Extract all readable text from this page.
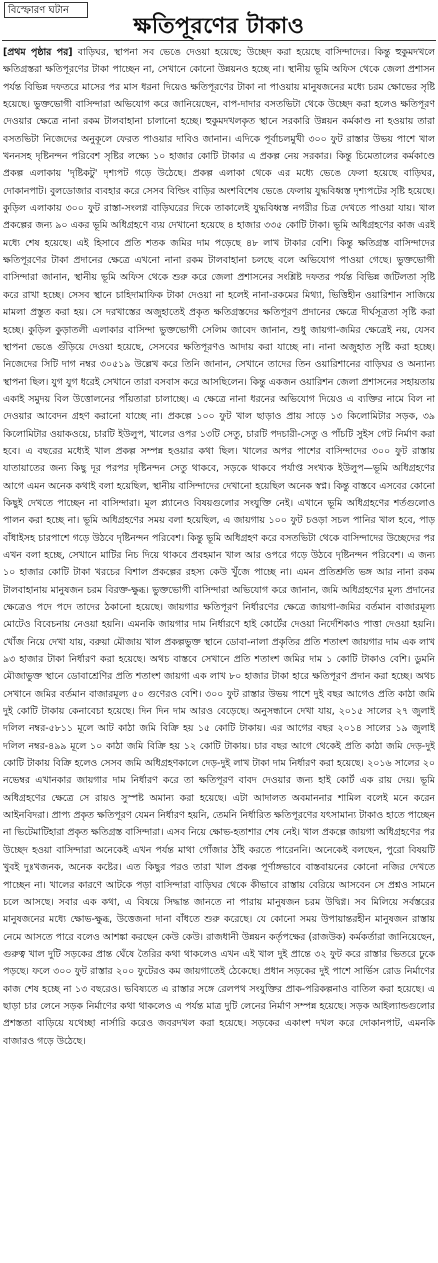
বিস্ফোরণ ঘটান
ক্ষতিপূরণের টাকাও

[প্রথম পৃষ্ঠার পর] বাড়িঘর, স্থাপনা সব ভেঙে দেওয়া হয়েছে; উচ্ছেদ করা হয়েছে বাসিন্দাদের। কিন্তু হুকুমদখলে ক্ষতিগ্রস্তরা ক্ষতিপূরণের টাকা পাচ্ছেন না, সেখানে কোনো উন্নয়নও হচ্ছে না। স্থানীয় ভূমি অফিস থেকে জেলা প্রশাসন পর্যন্ত বিভিন্ন দফতরে মাসের পর মাস ধরনা দিয়েও ক্ষতিপূরণের টাকা না পাওয়ায় মানুষজনের মধ্যে চরম ক্ষোভের সৃষ্টি হয়েছে। ভুক্তভোগী বাসিন্দারা অভিযোগ করে জানিয়েছেন, বাপ-দাদার বসতভিটা থেকে উচ্ছেদ করা হলেও ক্ষতিপূরণ দেওয়ার ক্ষেত্রে নানা রকম টালবাহানা চালানো হচ্ছে। হুকুমদখলকৃত স্থানে সরকারি উন্নয়ন কর্মকাণ্ড না হওয়ায় তারা বসতভিটা নিজেদের অনুকূলে ফেরত পাওয়ার দাবিও জানান। এদিকে পূর্বাচলমুখী ৩০০ ফুট রাস্তার উভয় পাশে খাল খননসহ দৃষ্টিনন্দন পরিবেশ সৃষ্টির লক্ষ্যে ১০ হাজার কোটি টাকার এ প্রকল্প নেয় সরকার। কিন্তু চিমেতালের কর্মকাণ্ডে প্রকল্প এলাকায় 'দৃষ্টিকটু' দৃশ্যপট গড়ে উঠেছে। প্রকল্প এলাকা থেকে এর মধ্যে ভেঙে ফেলা হয়েছে বাড়িঘর, দোকানপাট। বুলডোজার ব্যবহার করে সেসব বিল্ডিং বাড়ির অংশবিশেষ ভেঙে ফেলায় যুদ্ধবিধ্বস্ত দৃশ্যপটের সৃষ্টি হয়েছে। কুড়িল এলাকায় ৩০০ ফুট রাস্তা-সংলগ্ন বাড়িঘরের দিকে তাকালেই যুদ্ধবিধ্বস্ত নগরীর চিত্র দেখতে পাওয়া যায়। খাল প্রকল্পের জন্য ৯০ একর ভূমি অধিগ্রহণে ব্যয় দেখানো হয়েছে ৪ হাজার ৩৩৫ কোটি টাকা। ভূমি অধিগ্রহণের কাজ এরই মধ্যে শেষ হয়েছে। এই হিসাবে প্রতি শতক জমির দাম পড়েছে ৪৮ লাখ টাকার বেশি। কিন্তু ক্ষতিগ্রস্ত বাসিন্দাদের ক্ষতিপূরণের টাকা প্রদানের ক্ষেত্রে এখনো নানা রকম টালবাহানা চলছে বলে অভিযোগ পাওয়া গেছে। ভুক্তভোগী বাসিন্দারা জানান, স্থানীয় ভূমি অফিস থেকে শুরু করে জেলা প্রশাসনের সংশ্লিষ্ট দফতর পর্যন্ত বিভিন্ন জটিলতা সৃষ্টি করে রাখা হচ্ছে। সেসব স্থানে চাহিদামাফিক টাকা দেওয়া না হলেই নানা-রকমের মিথ্যা, ভিত্তিহীন ওয়ারিশান সাজিয়ে মামলা প্রস্তুত করা হয়। সে দরখাস্তের অজুহাতেই প্রকৃত ক্ষতিগ্রস্তদের ক্ষতিপূরণ প্রদানের ক্ষেত্রে দীর্ঘসূত্রতা সৃষ্টি করা হচ্ছে। কুড়িল কুড়াতলী এলাকার বাসিন্দা ভুক্তভোগী সেলিম জাবেদ জানান, শুধু জায়গা-জমির ক্ষেত্রেই নয়, যেসব স্থাপনা ভেঙে গুঁড়িয়ে দেওয়া হয়েছে, সেসবের ক্ষতিপূরণও আদায় করা যাচ্ছে না। নানা অজুহাত সৃষ্টি করা হচ্ছে। নিজেদের সিটি দাগ নম্বর ৩০৫১৯ উল্লেখ করে তিনি জানান, সেখানে তাদের তিন ওয়ারিশানের বাড়িঘর ও অন্যান্য স্থাপনা ছিল। যুগ যুগ ধরেই সেখানে তারা বসবাস করে আসছিলেন। কিন্তু একজন ওয়ারিশন জেলা প্রশাসনের সহায়তায় একাই সমুদয় বিল উত্তোলনের পাঁয়তারা চালাচ্ছে। এ ক্ষেত্রে নানা ধরনের অভিযোগ দিয়েও এ ব্যক্তির নামে বিল না দেওয়ার আবেদন গ্রহণ করানো যাচ্ছে না। প্রকল্পে ১০০ ফুট খাল ছাড়াও প্রায় সাড়ে ১৩ কিলোমিটার সড়ক, ৩৯ কিলোমিটার ওয়াকওয়ে, চারটি ইউলুপ, খালের ওপর ১৩টি সেতু, চারটি পদচারী-সেতু ও পাঁচটি সুইস গেট নির্মাণ করা হবে। এ বছরের মধ্যেই খাল প্রকল্প সম্পন্ন হওয়ার কথা ছিল। খালের অপর পাশের বাসিন্দাদের ৩০০ ফুট রাস্তায় যাতায়াতের জন্য কিছু দূর পরপর দৃষ্টিনন্দন সেতু থাকবে, সড়কে থাকবে পর্যাপ্ত সংখ্যক ইউলুপ—ভূমি অধিগ্রহণের আগে এমন অনেক কথাই বলা হয়েছিল, স্থানীয় বাসিন্দাদের দেখানো হয়েছিল অনেক স্বপ্ন। কিন্তু বাস্তবে এসবের কোনো কিছুই দেখতে পাচ্ছেন না বাসিন্দারা। মূল প্ল্যানেও বিষয়গুলোর সংযুক্তি নেই। এখানে ভূমি অধিগ্রহণের শর্তগুলোও পালন করা হচ্ছে না। ভূমি অধিগ্রহণের সময় বলা হয়েছিল, এ জায়গায় ১০০ ফুট চওড়া সচল পানির খাল হবে, পাড় বাঁধাইসহ চারপাশে গড়ে উঠবে দৃষ্টিনন্দন পরিবেশ। কিন্তু ভূমি অধিগ্রহণ করে বসতভিটা থেকে বাসিন্দাদের উচ্ছেদের পর এখন বলা হচ্ছে, সেখানে মাটির নিচ দিয়ে থাকবে প্রবহমান খাল আর ওপরে গড়ে উঠবে দৃষ্টিনন্দন পরিবেশ। এ জন্য ১০ হাজার কোটি টাকা খরচের বিশাল প্রকল্পের রহস্য কেউ খুঁজে পাচ্ছে না। এমন প্রতিশ্রুতি ভঙ্গ আর নানা রকম টালবাহানায় মানুষজন চরম বিরক্ত-ক্ষুব্ধ। ভুক্তভোগী বাসিন্দারা অভিযোগ করে জানান, জমি অধিগ্রহণের মূল্য প্রদানের ক্ষেত্রেও পদে পদে তাদের ঠকানো হয়েছে। জায়গার ক্ষতিপূরণ নির্ধারণের ক্ষেত্রে জায়গা-জমির বর্তমান বাজারমূল্য মোটেও বিবেচনায় নেওয়া হয়নি। এমনকি জায়গার দাম নির্ধারণে হাই কোর্টের দেওয়া নির্দেশিকাও পাত্তা দেওয়া হয়নি। খোঁজ নিয়ে দেখা যায়, বরুয়া মৌজায় খাল প্রকল্পভুক্ত স্থানে ডোবা-নালা প্রকৃতির প্রতি শতাংশ জায়গার দাম এক লাখ ৯৩ হাজার টাকা নির্ধারণ করা হয়েছে। অথচ বাস্তবে সেখানে প্রতি শতাংশ জমির দাম ১ কোটি টাকাও বেশি। ডুমনি মৌজাভুক্ত স্থানে ডোবাশ্রেণির প্রতি শতাংশ জায়গা এক লাখ ৮০ হাজার টাকা হারে ক্ষতিপূরণ প্রদান করা হচ্ছে। অথচ সেখানে জমির বর্তমান বাজারমূল্য ৫০ গুণেরও বেশি। ৩০০ ফুট রাস্তার উভয় পাশে দুই বছর আগেও প্রতি কাঠা জমি দুই কোটি টাকায় কেনাবেচা হয়েছে। দিন দিন দাম আরও বেড়েছে। অনুসন্ধানে দেখা যায়, ২০১৫ সালের ২৭ জুলাই দলিল নম্বর-৫৮১১ মূলে আট কাঠা জমি বিক্রি হয় ১৫ কোটি টাকায়। এর আগের বছর ২০১৪ সালের ১৯ জুলাই দলিল নম্বর-৪৯৯ মূলে ১০ কাঠা জমি বিক্রি হয় ১২ কোটি টাকায়। চার বছর আগে থেকেই প্রতি কাঠা জমি দেড়-দুই কোটি টাকায় বিক্রি হলেও সেসব জমি অধিগ্রহণকালে দেড়-দুই লাখ টাকা দাম নির্ধারণ করা হয়েছে। ২০১৬ সালের ২০ নভেম্বর এখানকার জায়গার দাম নির্ধারণ করে তা ক্ষতিপূরণ বাবদ দেওয়ার জন্য হাই কোর্ট এক রায় দেয়। ভূমি অধিগ্রহণের ক্ষেত্রে সে রায়ও সুস্পষ্ট অমান্য করা হয়েছে। এটা আদালত অবমাননার শামিল বলেই মনে করেন আইনবিদরা। প্রাপ্য প্রকৃত ক্ষতিপূরণ যেমন নির্ধারণ হয়নি, তেমনি নির্ধারিত ক্ষতিপূরণের যৎসামান্য টাকাও হাতে পাচ্ছেন না ভিটেমাটিহারা প্রকৃত ক্ষতিগ্রস্ত বাসিন্দারা। এসব নিয়ে ক্ষোভ-হতাশার শেষ নেই। খাল প্রকল্পে জায়গা অধিগ্রহণের পর উচ্ছেদ হওয়া বাসিন্দারা অনেকেই এখন পর্যন্ত মাথা গোঁজার ঠাঁই করতে পারেননি। অনেকেই বলছেন, পুরো বিষয়টি খুবই দুঃখজনক, অনেক কষ্টের। এত কিছুর পরও তারা খাল প্রকল্প পূর্ণাঙ্গভাবে বাস্তবায়নের কোনো নজির দেখতে পাচ্ছেন না। খালের কারণে আটকে পড়া বাসিন্দারা বাড়িঘর থেকে কীভাবে রাস্তায় বেরিয়ে আসবেন সে প্রশ্নও সামনে চলে আসছে। সবার এক কথা, এ বিষয়ে সিদ্ধান্ত জানতে না পারায় মানুষজন চরম উদ্বিগ্ন। সব মিলিয়ে সর্বস্তরের মানুষজনের মধ্যে ক্ষোভ-ক্ষুব্ধ, উত্তেজনা দানা বাঁধতে শুরু করেছে। যে কোনো সময় উপায়ান্তরহীন মানুষজন রাস্তায় নেমে আসতে পারে বলেও আশঙ্কা করছেন কেউ কেউ। রাজধানী উন্নয়ন কর্তৃপক্ষের (রাজউক) কর্মকর্তারা জানিয়েছেন, গুরুত্ব খাল দুটি সড়কের প্রান্ত ঘেঁষে তৈরির কথা থাকলেও এখন এই খাল দুই প্রান্তে ৩২ ফুট করে রাস্তার ভিতরে ঢুকে পড়ছে। ফলে ৩০০ ফুট রাস্তার ২০০ ফুটেরও কম জায়গাতেই ঠেকেছে। প্রধান সড়কের দুই পাশে সার্ভিস রোড নির্মাণের কাজ শেষ হচ্ছে না ১৩ বছরেও। ভবিষ্যতে এ রাস্তার সঙ্গে রেলপথ সংযুক্তির প্রাক-পরিকল্পনাও বাতিল করা হয়েছে। এ ছাড়া চার লেনে সড়ক নির্মাণের কথা থাকলেও এ পর্যন্ত মাত্র দুটি লেনের নির্মাণ সম্পন্ন হয়েছে। সড়ক আইল্যান্ডগুলোর প্রশস্ততা বাড়িয়ে যথেচ্ছা নার্সারি করেও জবরদখল করা হয়েছে। সড়কের একাংশ দখল করে দোকানপাট, এমনকি বাজারও গড়ে উঠেছে।
